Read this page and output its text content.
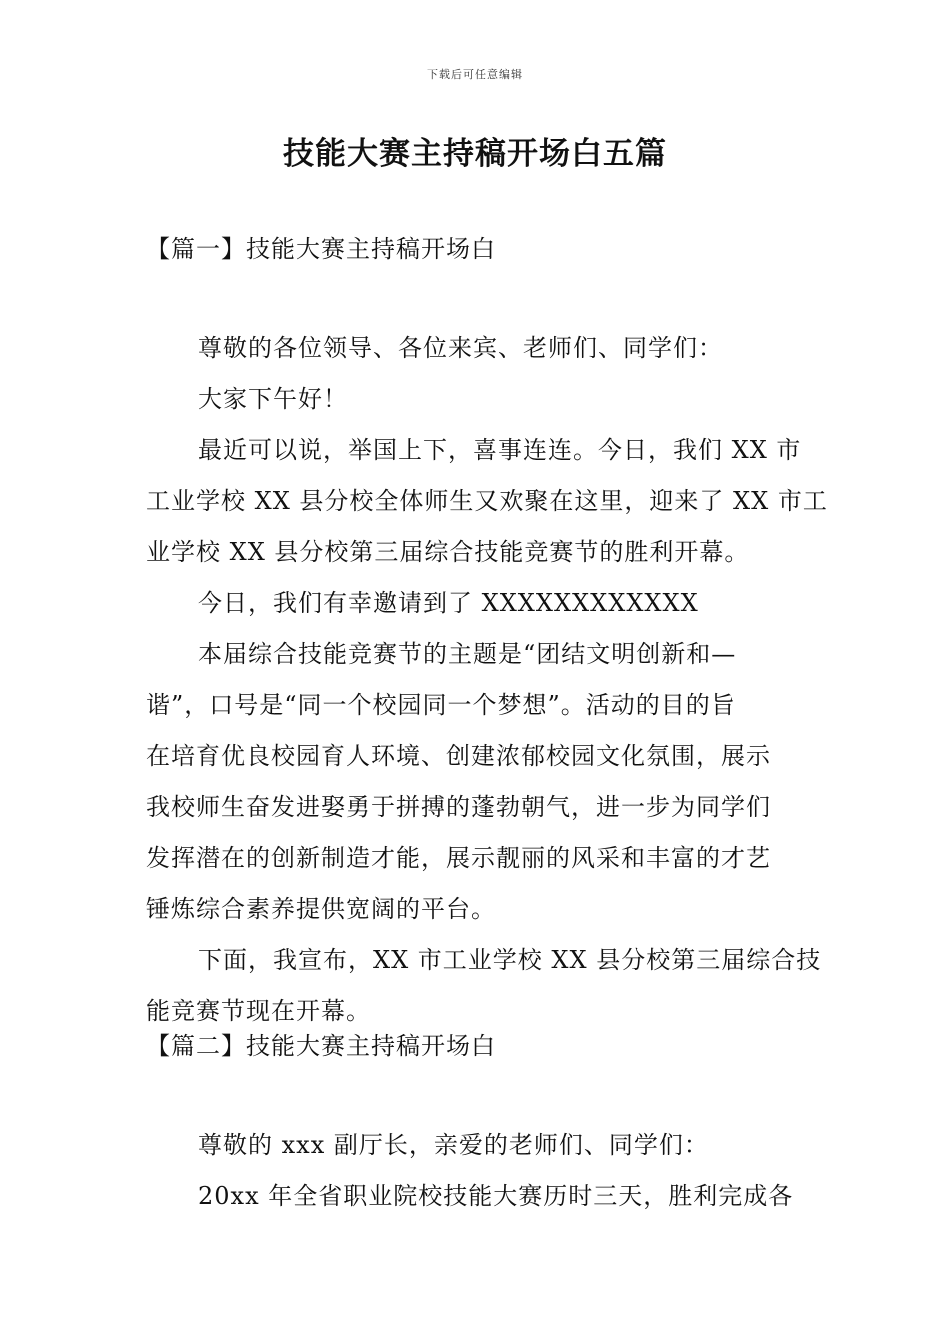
下载后可任意编辑
技能大赛主持稿开场白五篇
【篇一】技能大赛主持稿开场白
尊敬的各位领导、各位来宾、老师们、同学们：
大家下午好！
最近可以说，举国上下，喜事连连。今日，我们 XX 市
工业学校 XX 县分校全体师生又欢聚在这里，迎来了 XX 市工
业学校 XX 县分校第三届综合技能竞赛节的胜利开幕。
今日，我们有幸邀请到了 XXXXXXXXXXXX
本届综合技能竞赛节的主题是“团结文明创新和—
谐”，口号是“同一个校园同一个梦想”。活动的目的旨
在培育优良校园育人环境、创建浓郁校园文化氛围，展示
我校师生奋发进娶勇于拼搏的蓬勃朝气，进一步为同学们
发挥潜在的创新制造才能，展示靓丽的风采和丰富的才艺
锤炼综合素养提供宽阔的平台。
下面，我宣布，XX 市工业学校 XX 县分校第三届综合技
能竞赛节现在开幕。
【篇二】技能大赛主持稿开场白
尊敬的 xxx 副厅长，亲爱的老师们、同学们：
20xx 年全省职业院校技能大赛历时三天，胜利完成各
